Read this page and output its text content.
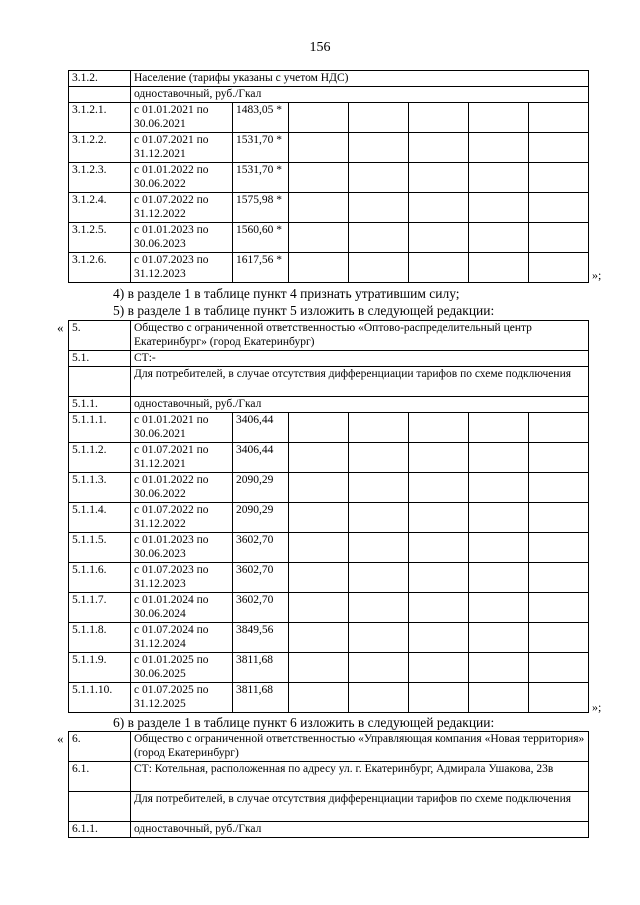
156
3.1.2.	Население (тарифы указаны с учетом НДС)						
	одноставочный, руб./Гкал						
3.1.2.1.	с 01.01.2021 по 30.06.2021	1483,05 *					
3.1.2.2.	с 01.07.2021 по 31.12.2021	1531,70 *					
3.1.2.3.	с 01.01.2022 по 30.06.2022	1531,70 *					
3.1.2.4.	с 01.07.2022 по 31.12.2022	1575,98 *					
3.1.2.5.	с 01.01.2023 по 30.06.2023	1560,60 *					
3.1.2.6.	с 01.07.2023 по 31.12.2023	1617,56 *					
»;
4) в разделе 1 в таблице пункт 4 признать утратившим силу;
5) в разделе 1 в таблице пункт 5 изложить в следующей редакции:
« 5.	Общество с ограниченной ответственностью «Оптово-распределительный центр Екатеринбург» (город Екатеринбург)						
5.1.	СТ:-						
	Для потребителей, в случае отсутствия дифференциации тарифов по схеме подключения						
5.1.1.	одноставочный, руб./Гкал						
5.1.1.1.	с 01.01.2021 по 30.06.2021	3406,44					
5.1.1.2.	с 01.07.2021 по 31.12.2021	3406,44					
5.1.1.3.	с 01.01.2022 по 30.06.2022	2090,29					
5.1.1.4.	с 01.07.2022 по 31.12.2022	2090,29					
5.1.1.5.	с 01.01.2023 по 30.06.2023	3602,70					
5.1.1.6.	с 01.07.2023 по 31.12.2023	3602,70					
5.1.1.7.	с 01.01.2024 по 30.06.2024	3602,70					
5.1.1.8.	с 01.07.2024 по 31.12.2024	3849,56					
5.1.1.9.	с 01.01.2025 по 30.06.2025	3811,68					
5.1.1.10.	с 01.07.2025 по 31.12.2025	3811,68					
»;
6) в разделе 1 в таблице пункт 6 изложить в следующей редакции:
« 6.	Общество с ограниченной ответственностью «Управляющая компания «Новая территория» (город Екатеринбург)
6.1.	СТ: Котельная, расположенная по адресу ул. г. Екатеринбург, Адмирала Ушакова, 23в
	Для потребителей, в случае отсутствия дифференциации тарифов по схеме подключения
6.1.1.	одноставочный, руб./Гкал
